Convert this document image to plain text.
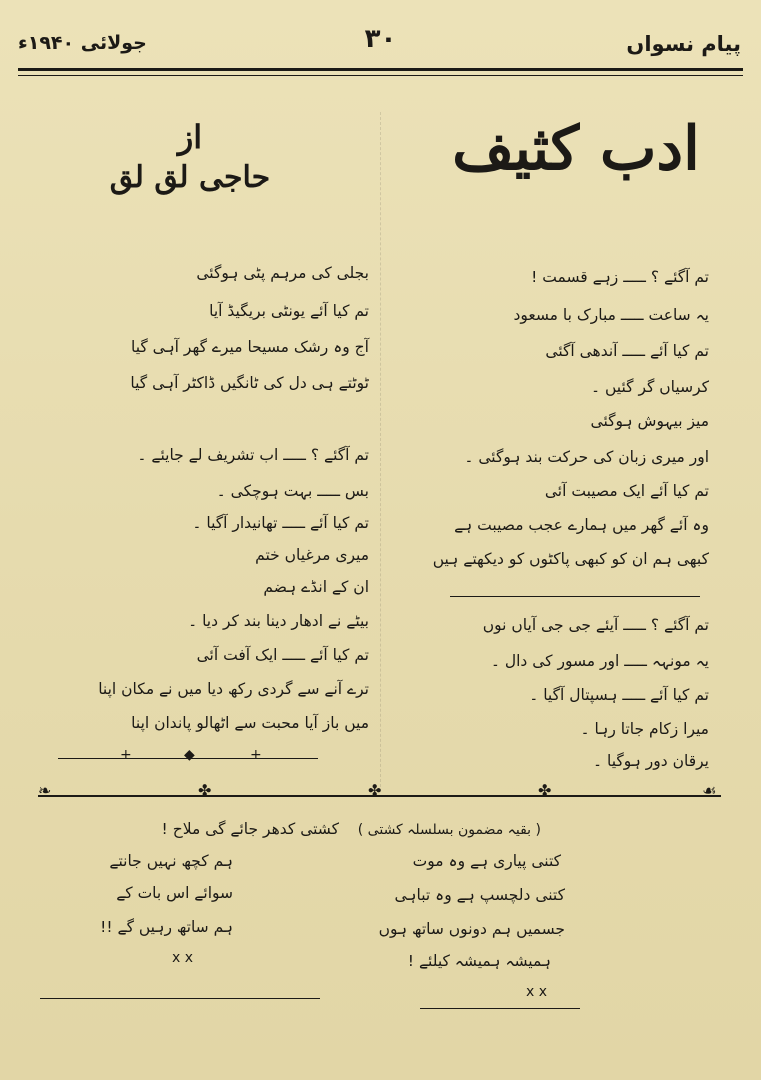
جولائی ۱۹۴۰ء	۳۰	پیام نسواں
ادب کثیف
از
حاجی لق لق
تم آگئے ؟ ـــــ زہے قسمت !
یہ ساعت ـــــ مبارک با مسعود
تم کیا آئے ـــــ آندھی آگئی
کرسیاں گر گئیں ۔
میز بیہوش ہوگئی
اور میری زبان کی حرکت بند ہوگئی ۔
تم کیا آئے ایک مصیبت آئی
وہ آئے گھر میں ہمارے عجب مصیبت ہے
کبھی ہم ان کو کبھی پاکٹوں کو دیکھتے ہیں
تم آگئے ؟ ـــــ آیئے جی جی آیاں نوں
یہ مونہہ ـــــ اور مسور کی دال ۔
تم کیا آئے ـــــ ہسپتال آگیا ۔
میرا زکام جاتا رہا ۔
یرقان دور ہوگیا ۔
بجلی کی مرہم پٹی ہوگئی
تم کیا آئے یونٹی بریگیڈ آیا
آج وہ رشک مسیحا میرے گھر آہی گیا
ٹوٹتے ہی دل کی ٹانگیں ڈاکٹر آہی گیا
تم آگئے ؟ ـــــ اب تشریف لے جایئے ۔
بس ـــــ بہت ہوچکی ۔
تم کیا آئے ـــــ تھانیدار آگیا ۔
میری مرغیاں ختم
ان کے انڈے ہضم
بیٹے نے ادھار دینا بند کر دیا ۔
تم کیا آئے ـــــ ایک آفت آئی
ترے آنے سے گردی رکھ دیا میں نے مکان اپنا
میں باز آیا محبت سے اٹھالو پاندان اپنا
+	◆	+
❧	✤	✤	✤	☙
( بقیہ مضمون بسلسلہ کشتی )
کتنی پیاری ہے وہ موت
کتنی دلچسپ ہے وہ تباہی
جسمیں ہم دونوں ساتھ ہوں
ہمیشہ ہمیشہ کیلئے !
x x
کشتی کدھر جائے گی ملاح !
ہم کچھ نہیں جانتے
سوائے اس بات کے
ہم ساتھ رہیں گے !!
x x
